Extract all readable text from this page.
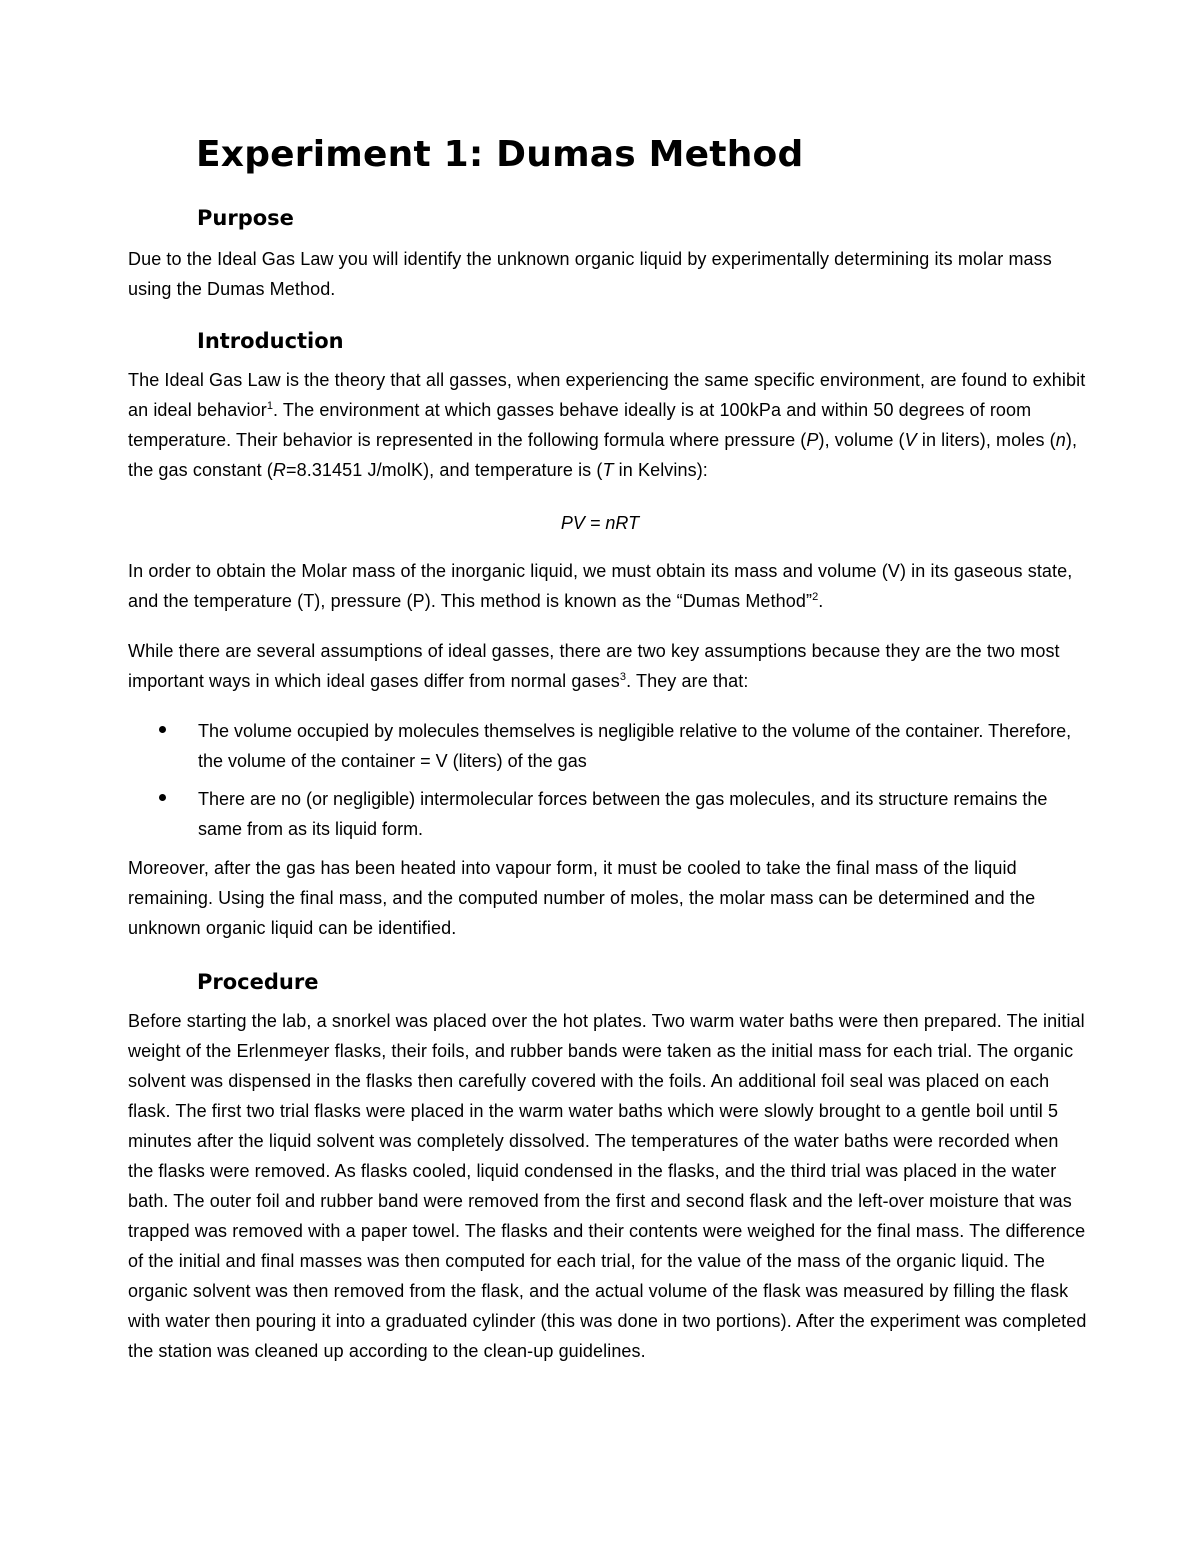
Experiment 1: Dumas Method
Purpose

Due to the Ideal Gas Law you will identify the unknown organic liquid by experimentally determining its molar mass using the Dumas Method.

Introduction

The Ideal Gas Law is the theory that all gasses, when experiencing the same specific environment, are found to exhibit an ideal behavior$^1$. The environment at which gasses behave ideally is at 100kPa and within 50 degrees of room temperature. Their behavior is represented in the following formula where pressure (P), volume (V in liters), moles (n), the gas constant (R=8.31451 J/molK), and temperature is (T in Kelvins):

PV = nRT

In order to obtain the Molar mass of the inorganic liquid, we must obtain its mass and volume (V) in its gaseous state, and the temperature (T), pressure (P). This method is known as the “Dumas Method”$^2$.

While there are several assumptions of ideal gasses, there are two key assumptions because they are the two most important ways in which ideal gases differ from normal gases$^3$. They are that:

The volume occupied by molecules themselves is negligible relative to the volume of the container. Therefore, the volume of the container = V (liters) of the gas
There are no (or negligible) intermolecular forces between the gas molecules, and its structure remains the same from as its liquid form.

Moreover, after the gas has been heated into vapour form, it must be cooled to take the final mass of the liquid remaining. Using the final mass, and the computed number of moles, the molar mass can be determined and the unknown organic liquid can be identified.

Procedure

Before starting the lab, a snorkel was placed over the hot plates. Two warm water baths were then prepared. The initial weight of the Erlenmeyer flasks, their foils, and rubber bands were taken as the initial mass for each trial. The organic solvent was dispensed in the flasks then carefully covered with the foils. An additional foil seal was placed on each flask. The first two trial flasks were placed in the warm water baths which were slowly brought to a gentle boil until 5 minutes after the liquid solvent was completely dissolved. The temperatures of the water baths were recorded when the flasks were removed. As flasks cooled, liquid condensed in the flasks, and the third trial was placed in the water bath. The outer foil and rubber band were removed from the first and second flask and the left-over moisture that was trapped was removed with a paper towel. The flasks and their contents were weighed for the final mass. The difference of the initial and final masses was then computed for each trial, for the value of the mass of the organic liquid. The organic solvent was then removed from the flask, and the actual volume of the flask was measured by filling the flask with water then pouring it into a graduated cylinder (this was done in two portions). After the experiment was completed the station was cleaned up according to the clean-up guidelines.
